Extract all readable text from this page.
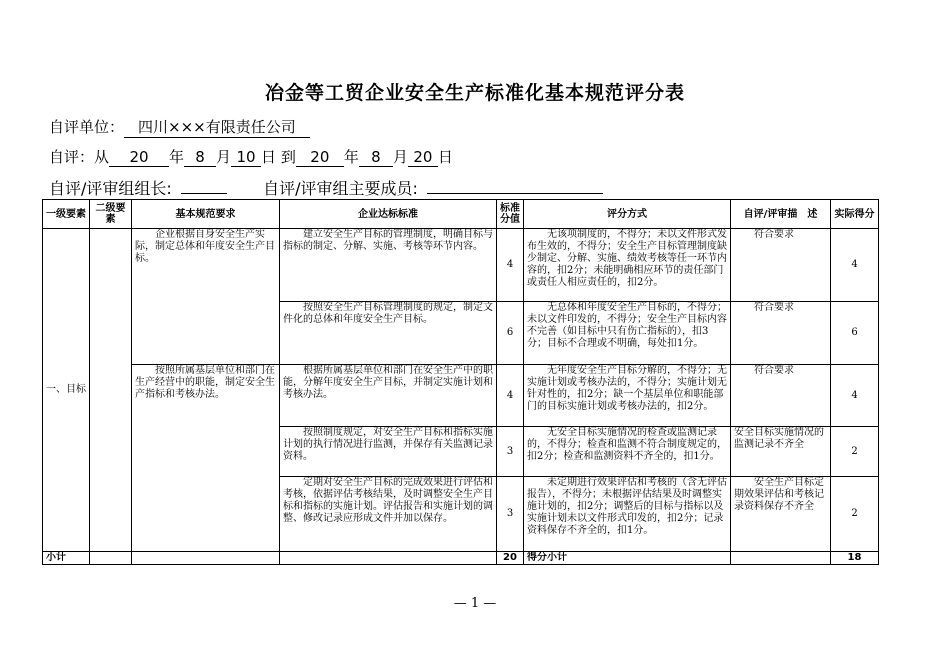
冶金等工贸企业安全生产标准化基本规范评分表
自评单位： 四川×××有限责任公司
自评：从 20 年 8 月 10 日 到 20 年 8 月 20 日
自评/评审组组长:	自评/评审组主要成员:
一级要素	二级要素	基本规范要求	企业达标标准	标准分值	评分方式	自评/评审描　述	实际得分
一、目标		企业根据自身安全生产实际，制定总体和年度安全生产目标。	建立安全生产目标的管理制度，明确目标与指标的制定、分解、实施、考核等环节内容。	4	无该项制度的，不得分；未以文件形式发布生效的，不得分；安全生产目标管理制度缺少制定、分解、实施、绩效考核等任一环节内容的，扣2分；未能明确相应环节的责任部门或责任人相应责任的，扣2分。	符合要求	4
			按照安全生产目标管理制度的规定，制定文件化的总体和年度安全生产目标。	6	无总体和年度安全生产目标的，不得分；未以文件印发的，不得分；安全生产目标内容不完善（如目标中只有伤亡指标的），扣3分；目标不合理或不明确，每处扣1分。	符合要求	6
		按照所属基层单位和部门在生产经营中的职能，制定安全生产指标和考核办法。	根据所属基层单位和部门在安全生产中的职能，分解年度安全生产目标，并制定实施计划和考核办法。	4	无年度安全生产目标分解的，不得分；无实施计划或考核办法的，不得分；实施计划无针对性的，扣2分；缺一个基层单位和职能部门的目标实施计划或考核办法的，扣2分。	符合要求	4
			按照制度规定，对安全生产目标和指标实施计划的执行情况进行监测，并保存有关监测记录资料。	3	无安全目标实施情况的检查或监测记录的，不得分；检查和监测不符合制度规定的，扣2分；检查和监测资料不齐全的，扣1分。	安全目标实施情况的监测记录不齐全	2
			定期对安全生产目标的完成效果进行评估和考核，依据评估考核结果，及时调整安全生产目标和指标的实施计划。评估报告和实施计划的调整、修改记录应形成文件并加以保存。	3	未定期进行效果评估和考核的（含无评估报告），不得分；未根据评估结果及时调整实施计划的，扣2分；调整后的目标与指标以及实施计划未以文件形式印发的，扣2分；记录资料保存不齐全的，扣1分。	安全生产目标定期效果评估和考核记录资料保存不齐全	2
小计				20	得分小计		18
— 1 —
